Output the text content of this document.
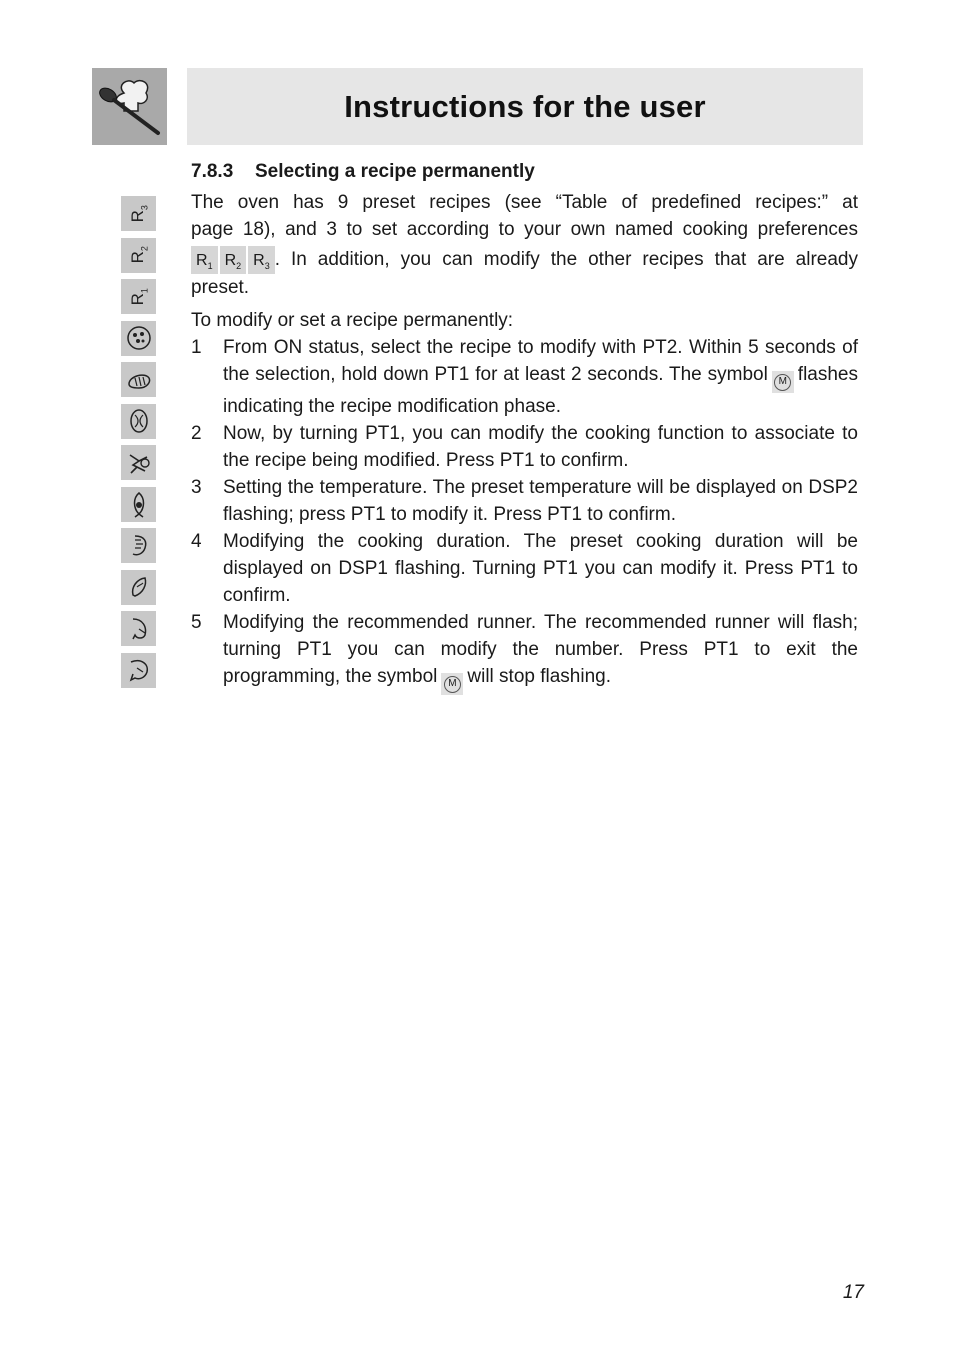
Instructions for the user
$R_3$
$R_2$
$R_1$
7.8.3 Selecting a recipe permanently

The oven has 9 preset recipes (see “Table of predefined recipes:” at

page 18), and 3 to set according to your own named cooking preferences

$R_1$ $R_2$ $R_3$ . In addition, you can modify the other recipes that are already

preset.

To modify or set a recipe permanently:

1	From ON status, select the recipe to modify with PT2. Within 5 seconds of the selection, hold down PT1 for at least 2 seconds. The symbol	M flashes indicating the recipe modification phase.
2	Now, by turning PT1, you can modify the cooking function to associate to the recipe being modified. Press PT1 to confirm.
3	Setting the temperature. The preset temperature will be displayed on DSP2 flashing; press PT1 to modify it. Press PT1 to confirm.
4	Modifying the cooking duration. The preset cooking duration will be displayed on DSP1 flashing. Turning PT1 you can modify it. Press PT1 to confirm.
5	Modifying the recommended runner. The recommended runner will flash; turning PT1 you can modify the number. Press PT1 to exit the programming, the symbol	M will stop flashing.
17
